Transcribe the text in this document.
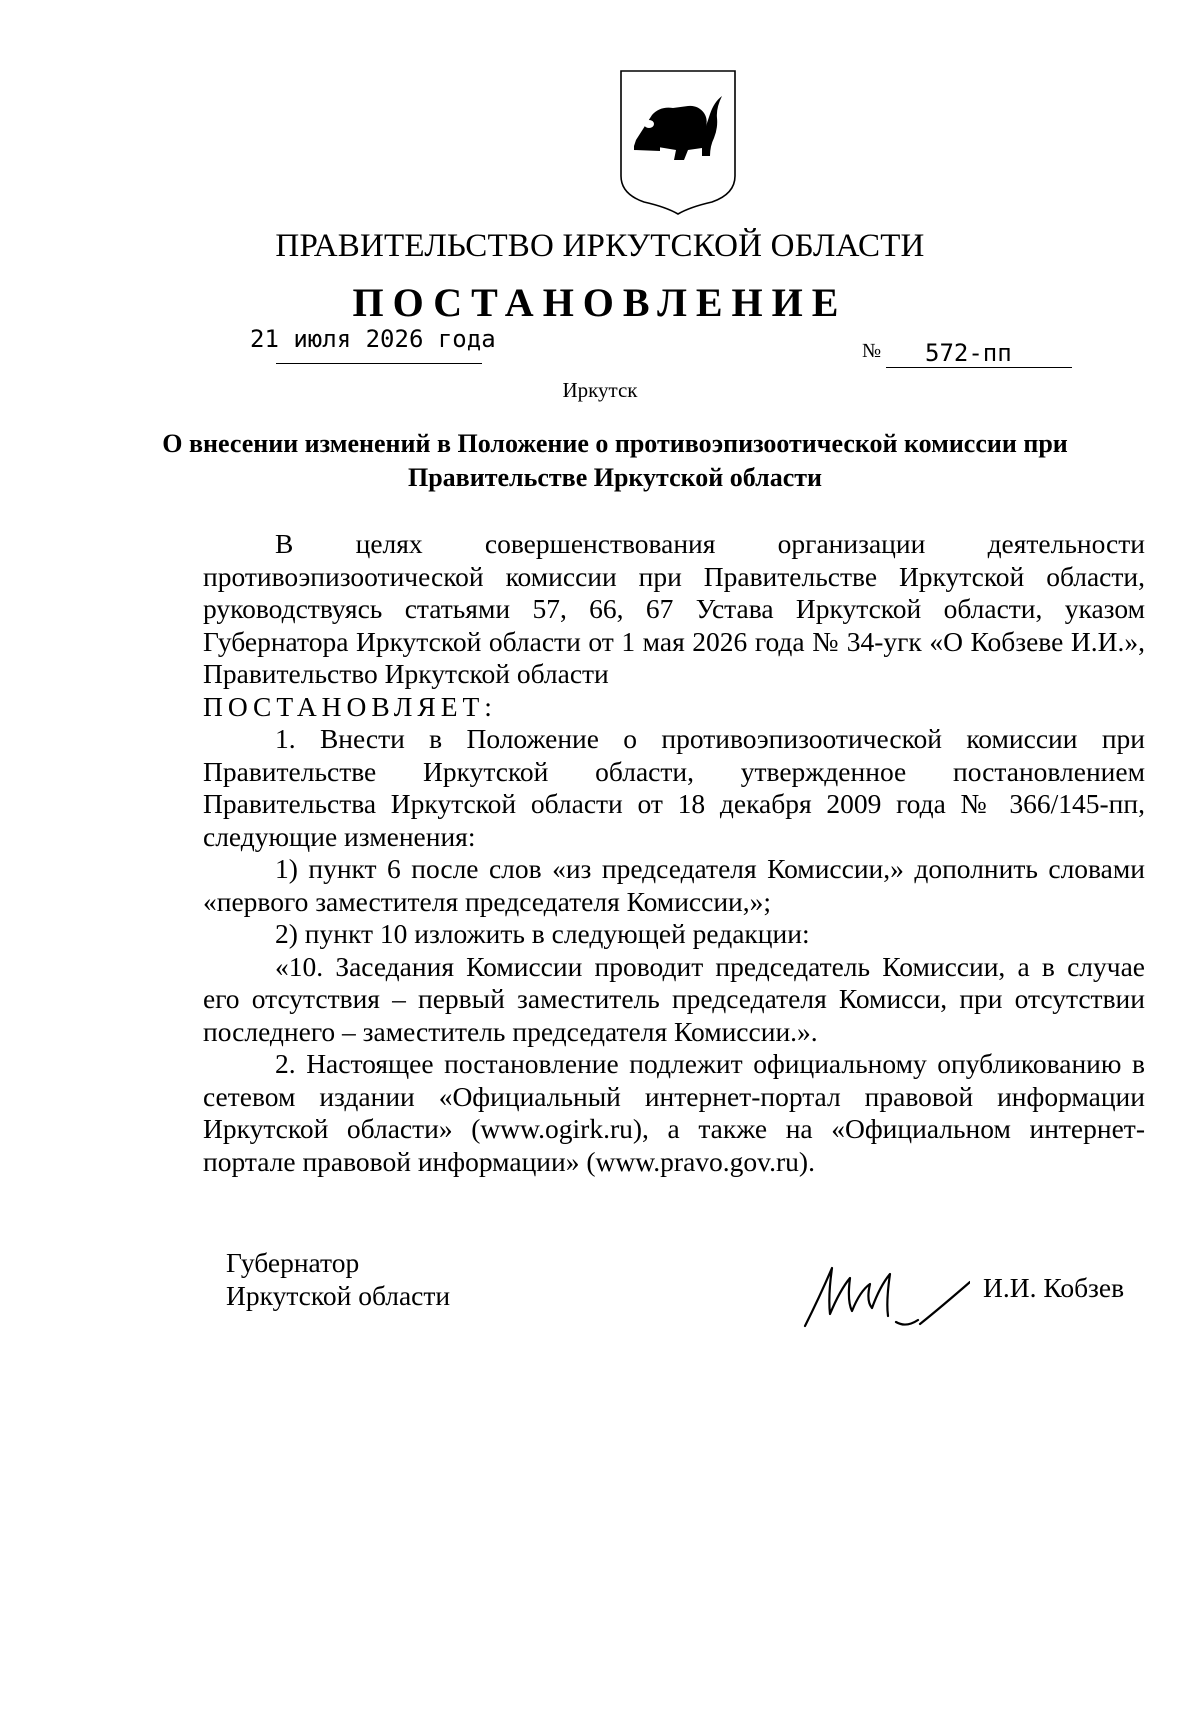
ПРАВИТЕЛЬСТВО ИРКУТСКОЙ ОБЛАСТИ
ПОСТАНОВЛЕНИЕ
21 июля 2026 года	№ 572-пп
Иркутск
О внесении изменений в Положение о противоэпизоотической комиссии при Правительстве Иркутской области

В целях совершенствования организации деятельности противоэпизоотической комиссии при Правительстве Иркутской области, руководствуясь статьями 57, 66, 67 Устава Иркутской области, указом Губернатора Иркутской области от 1 мая 2026 года № 34-угк «О Кобзеве И.И.», Правительство Иркутской области

ПОСТАНОВЛЯЕТ:

1. Внести в Положение о противоэпизоотической комиссии при Правительстве Иркутской области, утвержденное постановлением Правительства Иркутской области от 18 декабря 2009 года № 366/145-пп, следующие изменения:

1) пункт 6 после слов «из председателя Комиссии,» дополнить словами «первого заместителя председателя Комиссии,»;

2) пункт 10 изложить в следующей редакции:

«10. Заседания Комиссии проводит председатель Комиссии, а в случае его отсутствия – первый заместитель председателя Комисси, при отсутствии последнего – заместитель председателя Комиссии.».

2. Настоящее постановление подлежит официальному опубликованию в сетевом издании «Официальный интернет-портал правовой информации Иркутской области» (www.ogirk.ru), а также на «Официальном интернет-портале правовой информации» (www.pravo.gov.ru).

Губернатор
Иркутской области	И.И. Кобзев
